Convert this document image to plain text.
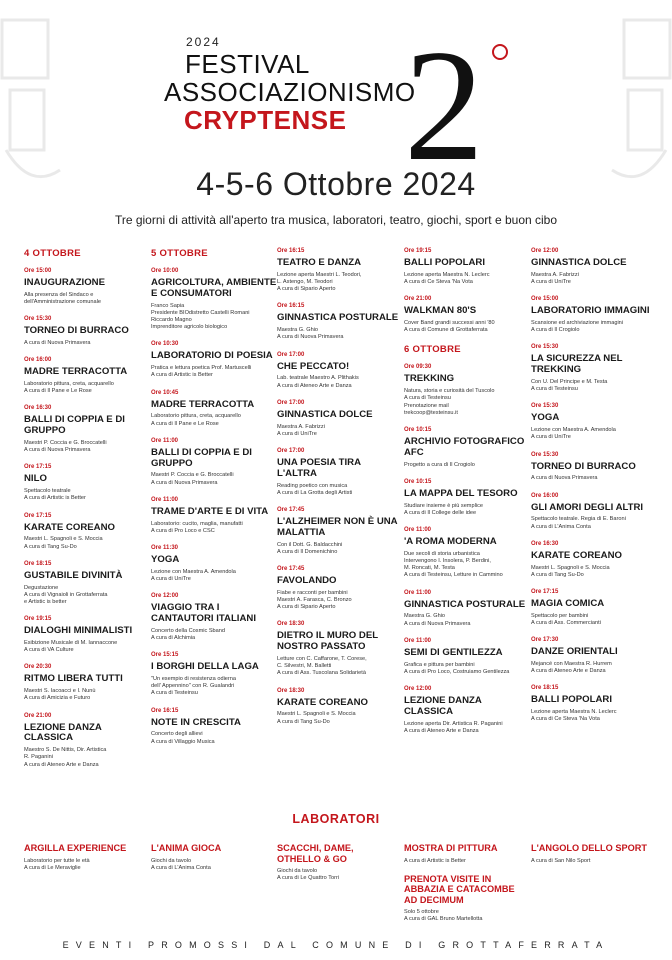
2024
FESTIVAL
ASSOCIAZIONISMO
CRYPTENSE 2
4-5-6 Ottobre 2024
Tre giorni di attività all'aperto tra musica, laboratori, teatro, giochi, sport e buon cibo
4 OTTOBRE
Ore 15:00
INAUGURAZIONE
Alla presenza del Sindaco e
dell'Amministrazione comunale
Ore 15:30
TORNEO DI BURRACO
A cura di Nuova Primavera
Ore 16:00
MADRE TERRACOTTA
Laboratorio pittura, creta, acquarello
A cura di Il Pane e Le Rose
Ore 16:30
BALLI DI COPPIA E DI GRUPPO
Maestri P. Coccia e G. Broccatelli
A cura di Nuova Primavera
Ore 17:15
NILO
Spettacolo teatrale
A cura di Artistic is Better
Ore 17:15
KARATE COREANO
Maestri L. Spagnoli e S. Moccia
A cura di Tang Su-Do
Ore 18:15
GUSTABILE DIVINITÀ
Degustazione
A cura di Vignaioli in Grottaferrata
e Artistic is better
Ore 19:15
DIALOGHI MINIMALISTI
Esibizione Musicale di M. Iannaccone
A cura di VA Culture
Ore 20:30
RITMO LIBERA TUTTI
Maestri S. Iacoacci e I. Nunù
A cura di Amicizia e Futuro
Ore 21:00
LEZIONE DANZA CLASSICA
Maestro S. De Nittis, Dir. Artistica
R. Paganini
A cura di Ateneo Arte e Danza
5 OTTOBRE
Ore 10:00
AGRICOLTURA, AMBIENTE E CONSUMATORI
Franco Sapia
Presidente BIOdistretto Castelli Romani
Riccardo Magno
Imprenditore agricolo biologico
Ore 10:30
LABORATORIO DI POESIA
Pratica e lettura poetica Prof. Martuscelli
A cura di Artistic is Better
Ore 10:45
MADRE TERRACOTTA
Laboratorio pittura, creta, acquarello
A cura di Il Pane e Le Rose
Ore 11:00
BALLI DI COPPIA E DI GRUPPO
Maestri P. Coccia e G. Broccatelli
A cura di Nuova Primavera
Ore 11:00
TRAME D'ARTE E DI VITA
Laboratorio: cucito, maglia, manufatti
A cura di Pro Loco e CSC
Ore 11:30
YOGA
Lezione con Maestra A. Amendola
A cura di UniTre
Ore 12:00
VIAGGIO TRA I CANTAUTORI ITALIANI
Concerto della Cosmic Sband
A cura di Alchimia
Ore 15:15
I BORGHI DELLA LAGA
"Un esempio di resistenza odierna
dell' Appennino" con R. Gualandri
A cura di Testeinsu
Ore 16:15
NOTE IN CRESCITA
Concerto degli allievi
A cura di Villaggio Musica
Ore 16:15
TEATRO E DANZA
Lezione aperta Maestri L. Teodori,
L. Astengo, M. Teodori
A cura di Sipario Aperto
Ore 16:15
GINNASTICA POSTURALE
Maestra G. Ghio
A cura di Nuova Primavera
Ore 17:00
CHE PECCATO!
Lab. teatrale Maestro A. Plithakis
A cura di Ateneo Arte e Danza
Ore 17:00
GINNASTICA DOLCE
Maestra A. Fabrizzi
A cura di UniTre
Ore 17:00
UNA POESIA TIRA L'ALTRA
Reading poetico con musica
A cura di La Grotta degli Artisti
Ore 17:45
L'ALZHEIMER NON È UNA MALATTIA
Con il Dott. G. Baldacchini
A cura di Il Domenichino
Ore 17:45
FAVOLANDO
Fiabe e racconti per bambini
Maestri A. Farasca, C. Bronzo
A cura di Sipario Aperto
Ore 18:30
DIETRO IL MURO DEL NOSTRO PASSATO
Letture con C. Caffarone, T. Corese,
C. Silvestri, M. Balletti
A cura di Ass. Tuscolana Solidarietà
Ore 18:30
KARATE COREANO
Maestri L. Spagnoli e S. Moccia
A cura di Tang Su-Do
Ore 19:15
BALLI POPOLARI
Lezione aperta Maestra N. Leclerc
A cura di Ce Steva 'Na Vota
Ore 21:00
WALKMAN 80'S
Cover Band grandi successi anni '80
A cura di Comune di Grottaferrata
6 OTTOBRE
Ore 09:30
TREKKING
Natura, storia e curiosità del Tuscolo
A cura di Testeinsu
Prenotazione mail
trekcoop@testeinsu.it
Ore 10:15
ARCHIVIO FOTOGRAFICO AFC
Progetto a cura di Il Crogiolo
Ore 10:15
LA MAPPA DEL TESORO
Studiare insieme è più semplice
A cura di Il College delle idee
Ore 11:00
'A ROMA MODERNA
Due secoli di storia urbanistica
Intervengono I. Insolera, P. Berdini,
M. Roncati, M. Testa
A cura di Testeinsu, Letture in Cammino
Ore 11:00
GINNASTICA POSTURALE
Maestra G. Ghio
A cura di Nuova Primavera
Ore 11:00
SEMI DI GENTILEZZA
Grafica e pittura per bambini
A cura di Pro Loco, Costruiamo Gentilezza
Ore 12:00
LEZIONE DANZA CLASSICA
Lezione aperta Dir. Artistica R. Paganini
A cura di Ateneo Arte e Danza
Ore 12:00
GINNASTICA DOLCE
Maestra A. Fabrizzi
A cura di UniTre
Ore 15:00
LABORATORIO IMMAGINI
Scansione ed archiviazione immagini
A cura di Il Crogiolo
Ore 15:30
LA SICUREZZA NEL TREKKING
Con U. Del Principe e M. Testa
A cura di Testeinsu
Ore 15:30
YOGA
Lezione con Maestra A. Amendola
A cura di UniTre
Ore 15:30
TORNEO DI BURRACO
A cura di Nuova Primavera
Ore 16:00
GLI AMORI DEGLI ALTRI
Spettacolo teatrale. Regia di E. Baroni
A cura di L'Anima Conta
Ore 16:30
KARATE COREANO
Maestri L. Spagnoli e S. Moccia
A cura di Tang Su-Do
Ore 17:15
MAGIA COMICA
Spettacolo per bambini
A cura di Ass. Commercianti
Ore 17:30
DANZE ORIENTALI
Mejancé con Maestra R. Hurrem
A cura di Ateneo Arte e Danza
Ore 18:15
BALLI POPOLARI
Lezione aperta Maestra N. Leclerc
A cura di Ce Steva 'Na Vota
LABORATORI
ARGILLA EXPERIENCE
Laboratorio per tutte le età
A cura di Le Meraviglie
L'ANIMA GIOCA
Giochi da tavolo
A cura di L'Anima Conta
SCACCHI, DAME, OTHELLO & GO
Giochi da tavolo
A cura di Le Quattro Torri
MOSTRA DI PITTURA
A cura di Artistic is Better
PRENOTA VISITE IN ABBAZIA E CATACOMBE AD DECIMUM
Solo 5 ottobre
A cura di GAL Bruno Martellotta
L'ANGOLO DELLO SPORT
A cura di San Nilo Sport
EVENTI PROMOSSI DAL COMUNE DI GROTTAFERRATA
